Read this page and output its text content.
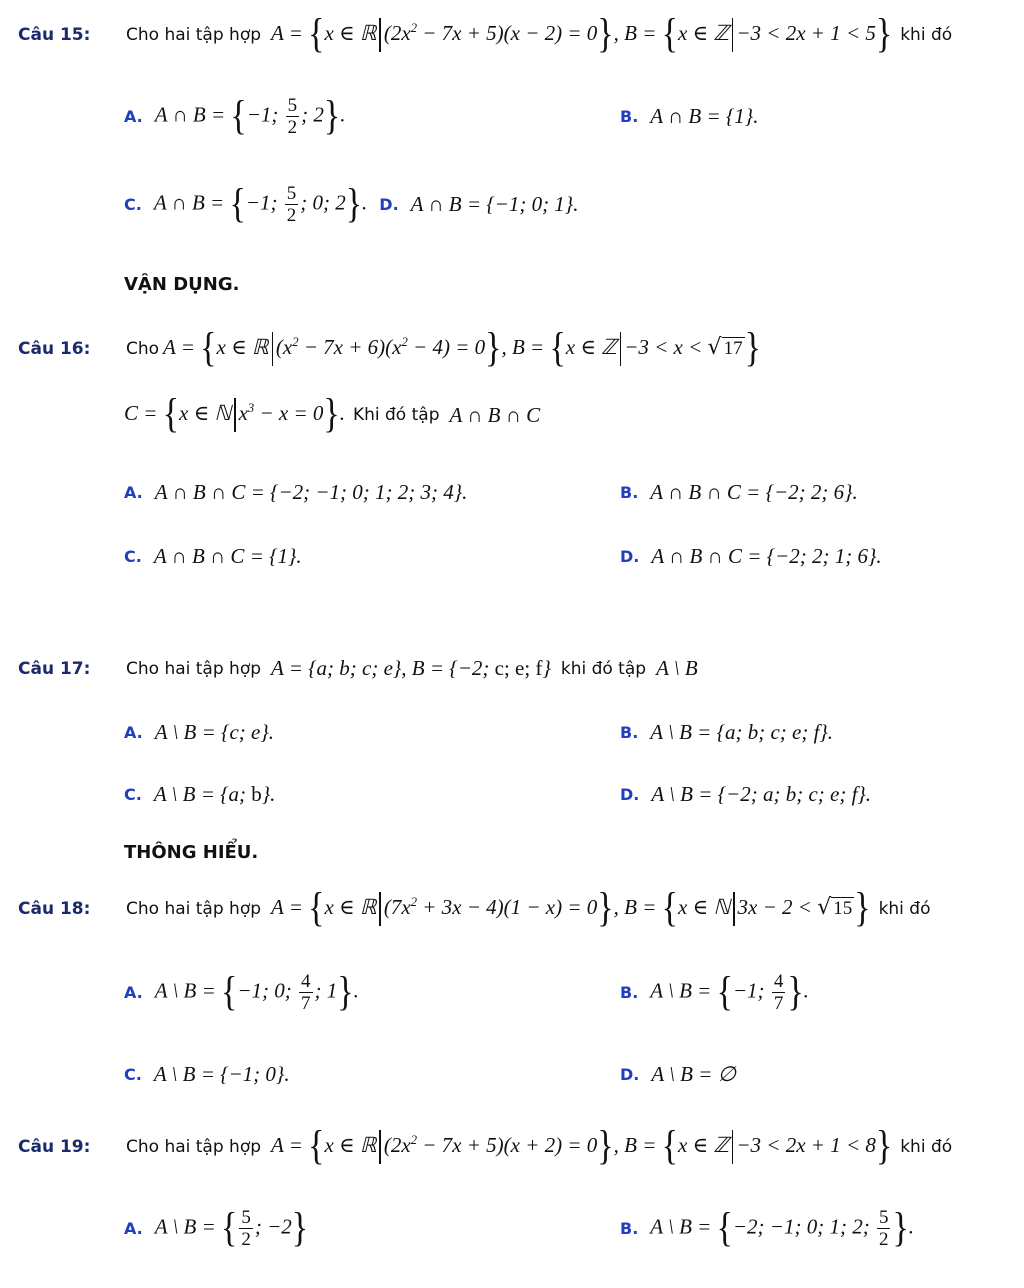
Câu 15:	Cho hai tập hợp A = {x ∈ ℝ $(2x^2 - 7x + 5)(x - 2) = 0$}, B = {x ∈ ℤ −3 < 2x + 1 < 5} khi đó
A. A ∩ B = {−1; $\frac{5}{2}$ ; 2}.	B. A ∩ B = {1}.
C. A ∩ B = {−1; $\frac{5}{2}$ ; 0; 2}. D. A ∩ B = {−1; 0; 1}.
VẬN DỤNG.
Câu 16:	Cho A = {x ∈ ℝ $(x^2 - 7x + 6)(x^2 - 4) = 0$}, B = {x ∈ ℤ −3 < x < √ 17 }
C = {x ∈ ℕ $x^3 - x = 0$}. Khi đó tập A ∩ B ∩ C
A. A ∩ B ∩ C = {−2; −1; 0; 1; 2; 3; 4}.	B. A ∩ B ∩ C = {−2; 2; 6}.
C. A ∩ B ∩ C = {1}.	D. A ∩ B ∩ C = {−2; 2; 1; 6}.
Câu 17:	Cho hai tập hợp A = {a; b; c; e}, B = {−2; c; e; f} khi đó tập A \ B
A. A \ B = {c; e}.	B. A \ B = {a; b; c; e; f}.
C. A \ B = {a; b}.	D. A \ B = {−2; a; b; c; e; f}.
THÔNG HIỂU.
Câu 18:	Cho hai tập hợp A = {x ∈ ℝ $(7x^2 + 3x - 4)(1 - x) = 0$}, B = {x ∈ ℕ 3x − 2 < √ 15 } khi đó
A. A \ B = {−1; 0; $\frac{4}{7}$ ; 1}.	B. A \ B = {−1; $\frac{4}{7}$ }.
C. A \ B = {−1; 0}.	D. A \ B = ∅
Câu 19:	Cho hai tập hợp A = {x ∈ ℝ $(2x^2 - 7x + 5)(x + 2) = 0$}, B = {x ∈ ℤ −3 < 2x + 1 < 8} khi đó
A. A \ B = { $\frac{5}{2}$ ; −2}	B. A \ B = {−2; −1; 0; 1; 2; $\frac{5}{2}$ }.
